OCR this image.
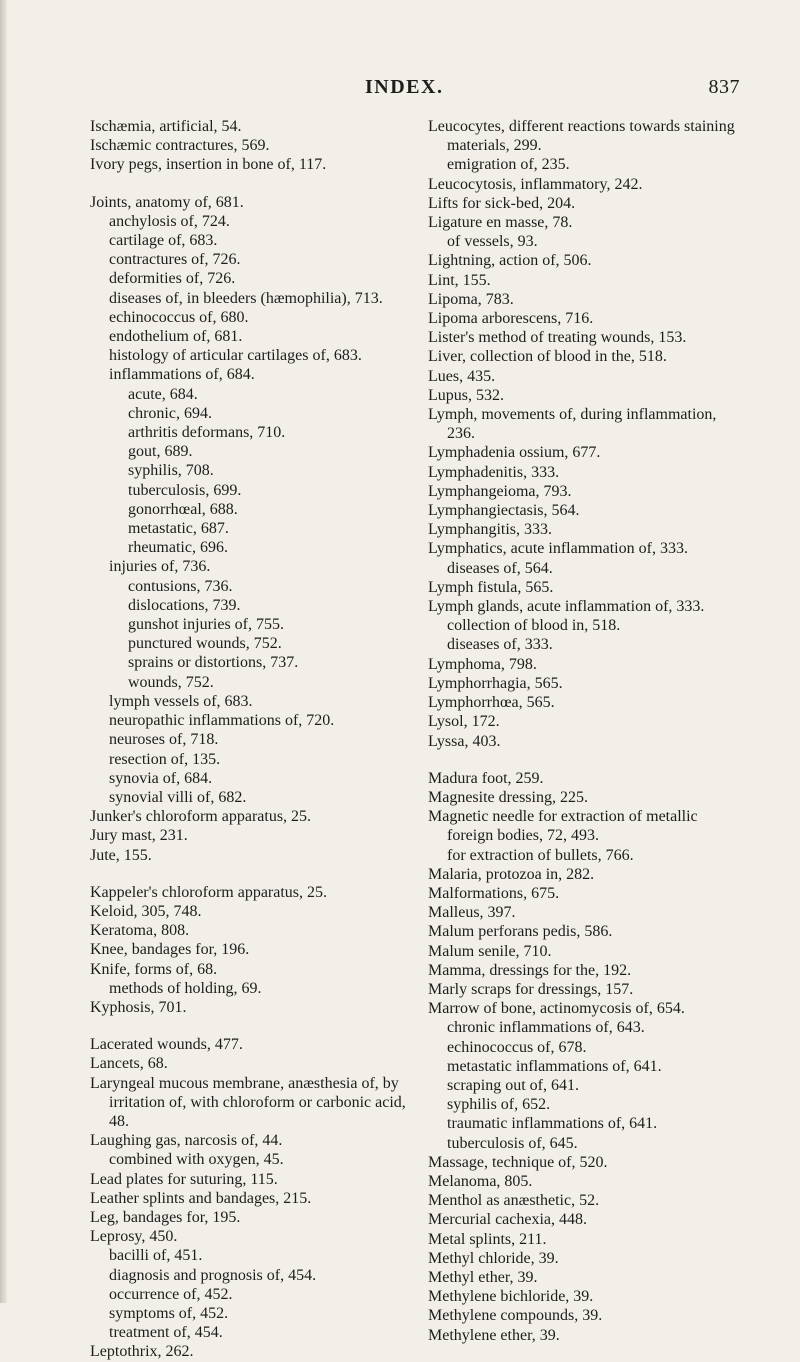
INDEX.	837
Ischæmia, artificial, 54.
Ischæmic contractures, 569.
Ivory pegs, insertion in bone of, 117.
Joints, anatomy of, 681.
anchylosis of, 724.
cartilage of, 683.
contractures of, 726.
deformities of, 726.
diseases of, in bleeders (hæmophilia), 713.
echinococcus of, 680.
endothelium of, 681.
histology of articular cartilages of, 683.
inflammations of, 684.
acute, 684.
chronic, 694.
arthritis deformans, 710.
gout, 689.
syphilis, 708.
tuberculosis, 699.
gonorrhœal, 688.
metastatic, 687.
rheumatic, 696.
injuries of, 736.
contusions, 736.
dislocations, 739.
gunshot injuries of, 755.
punctured wounds, 752.
sprains or distortions, 737.
wounds, 752.
lymph vessels of, 683.
neuropathic inflammations of, 720.
neuroses of, 718.
resection of, 135.
synovia of, 684.
synovial villi of, 682.
Junker's chloroform apparatus, 25.
Jury mast, 231.
Jute, 155.
Kappeler's chloroform apparatus, 25.
Keloid, 305, 748.
Keratoma, 808.
Knee, bandages for, 196.
Knife, forms of, 68.
methods of holding, 69.
Kyphosis, 701.
Lacerated wounds, 477.
Lancets, 68.
Laryngeal mucous membrane, anæsthesia of, by irritation of, with chloroform or carbonic acid, 48.
Laughing gas, narcosis of, 44.
combined with oxygen, 45.
Lead plates for suturing, 115.
Leather splints and bandages, 215.
Leg, bandages for, 195.
Leprosy, 450.
bacilli of, 451.
diagnosis and prognosis of, 454.
occurrence of, 452.
symptoms of, 452.
treatment of, 454.
Leptothrix, 262.
Leucocytes, different reactions towards staining materials, 299.
emigration of, 235.
Leucocytosis, inflammatory, 242.
Lifts for sick-bed, 204.
Ligature en masse, 78.
of vessels, 93.
Lightning, action of, 506.
Lint, 155.
Lipoma, 783.
Lipoma arborescens, 716.
Lister's method of treating wounds, 153.
Liver, collection of blood in the, 518.
Lues, 435.
Lupus, 532.
Lymph, movements of, during inflammation, 236.
Lymphadenia ossium, 677.
Lymphadenitis, 333.
Lymphangeioma, 793.
Lymphangiectasis, 564.
Lymphangitis, 333.
Lymphatics, acute inflammation of, 333.
diseases of, 564.
Lymph fistula, 565.
Lymph glands, acute inflammation of, 333.
collection of blood in, 518.
diseases of, 333.
Lymphoma, 798.
Lymphorrhagia, 565.
Lymphorrhœa, 565.
Lysol, 172.
Lyssa, 403.
Madura foot, 259.
Magnesite dressing, 225.
Magnetic needle for extraction of metallic foreign bodies, 72, 493.
for extraction of bullets, 766.
Malaria, protozoa in, 282.
Malformations, 675.
Malleus, 397.
Malum perforans pedis, 586.
Malum senile, 710.
Mamma, dressings for the, 192.
Marly scraps for dressings, 157.
Marrow of bone, actinomycosis of, 654.
chronic inflammations of, 643.
echinococcus of, 678.
metastatic inflammations of, 641.
scraping out of, 641.
syphilis of, 652.
traumatic inflammations of, 641.
tuberculosis of, 645.
Massage, technique of, 520.
Melanoma, 805.
Menthol as anæsthetic, 52.
Mercurial cachexia, 448.
Metal splints, 211.
Methyl chloride, 39.
Methyl ether, 39.
Methylene bichloride, 39.
Methylene compounds, 39.
Methylene ether, 39.
